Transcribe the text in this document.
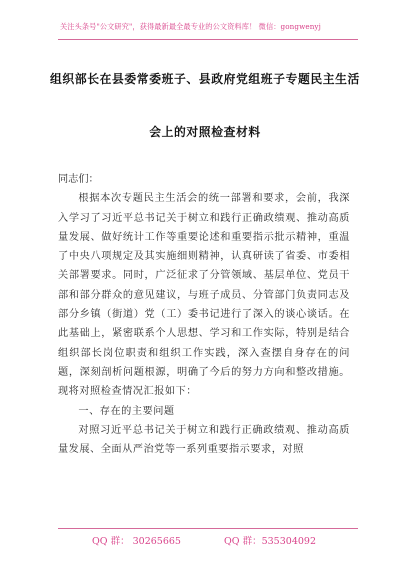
关注头条号"公文研究"，获得最新最全最专业的公文资料库！ 微信：gongwenyj
组织部长在县委常委班子、县政府党组班子专题民主生活
会上的对照检查材料

同志们：

根据本次专题民主生活会的统一部署和要求，会前，我深入学习了习近平总书记关于树立和践行正确政绩观、推动高质量发展、做好统计工作等重要论述和重要指示批示精神，重温了中央八项规定及其实施细则精神，认真研读了省委、市委相关部署要求。同时，广泛征求了分管领域、基层单位、党员干部和部分群众的意见建议，与班子成员、分管部门负责同志及部分乡镇（街道）党（工）委书记进行了深入的谈心谈话。在此基础上，紧密联系个人思想、学习和工作实际，特别是结合组织部长岗位职责和组织工作实践，深入查摆自身存在的问题，深刻剖析问题根源，明确了今后的努力方向和整改措施。现将对照检查情况汇报如下：

一、存在的主要问题

对照习近平总书记关于树立和践行正确政绩观、推动高质量发展、全面从严治党等一系列重要指示要求，对照

QQ 群： 30265665	QQ 群：535304092
